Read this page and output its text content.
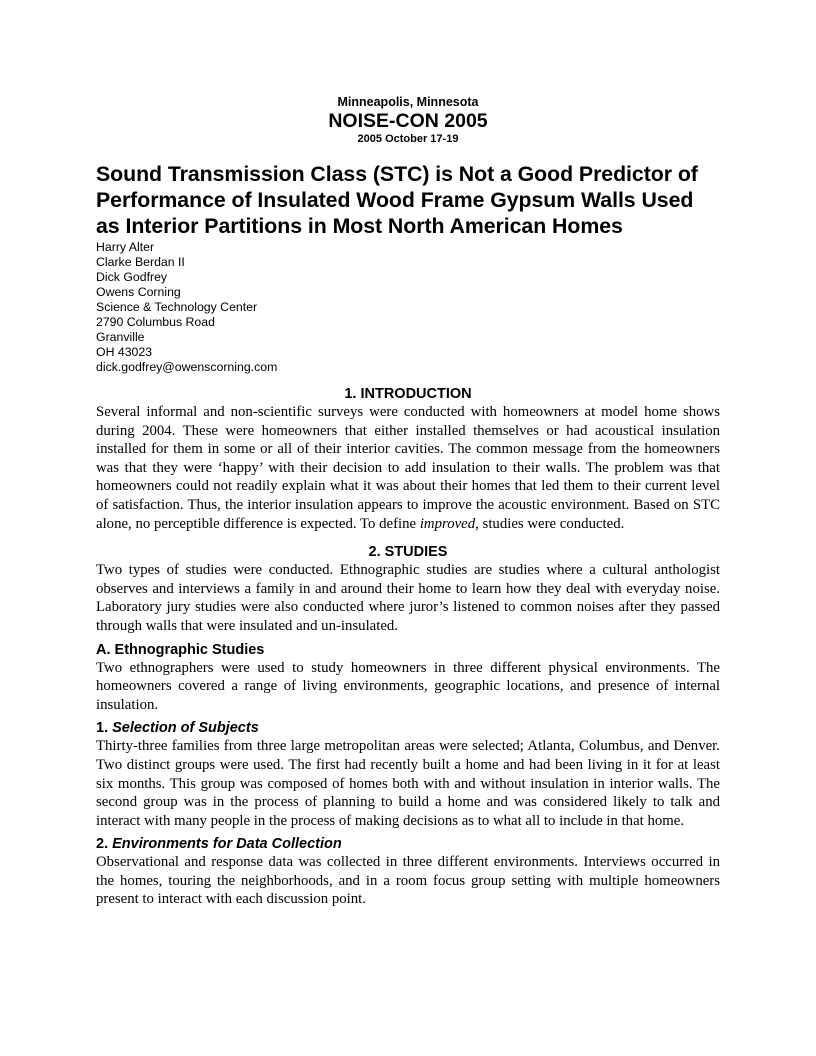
Minneapolis, Minnesota
NOISE-CON 2005
2005 October 17-19
Sound Transmission Class (STC) is Not a Good Predictor of Performance of Insulated Wood Frame Gypsum Walls Used as Interior Partitions in Most North American Homes
Harry Alter
Clarke Berdan II
Dick Godfrey
Owens Corning
Science & Technology Center
2790 Columbus Road
Granville
OH 43023
dick.godfrey@owenscorning.com
1. INTRODUCTION
Several informal and non-scientific surveys were conducted with homeowners at model home shows during 2004. These were homeowners that either installed themselves or had acoustical insulation installed for them in some or all of their interior cavities. The common message from the homeowners was that they were ‘happy’ with their decision to add insulation to their walls. The problem was that homeowners could not readily explain what it was about their homes that led them to their current level of satisfaction. Thus, the interior insulation appears to improve the acoustic environment. Based on STC alone, no perceptible difference is expected. To define improved, studies were conducted.
2. STUDIES
Two types of studies were conducted. Ethnographic studies are studies where a cultural anthologist observes and interviews a family in and around their home to learn how they deal with everyday noise. Laboratory jury studies were also conducted where juror’s listened to common noises after they passed through walls that were insulated and un-insulated.
A. Ethnographic Studies
Two ethnographers were used to study homeowners in three different physical environments. The homeowners covered a range of living environments, geographic locations, and presence of internal insulation.
1. Selection of Subjects
Thirty-three families from three large metropolitan areas were selected; Atlanta, Columbus, and Denver. Two distinct groups were used. The first had recently built a home and had been living in it for at least six months. This group was composed of homes both with and without insulation in interior walls. The second group was in the process of planning to build a home and was considered likely to talk and interact with many people in the process of making decisions as to what all to include in that home.
2. Environments for Data Collection
Observational and response data was collected in three different environments. Interviews occurred in the homes, touring the neighborhoods, and in a room focus group setting with multiple homeowners present to interact with each discussion point.
